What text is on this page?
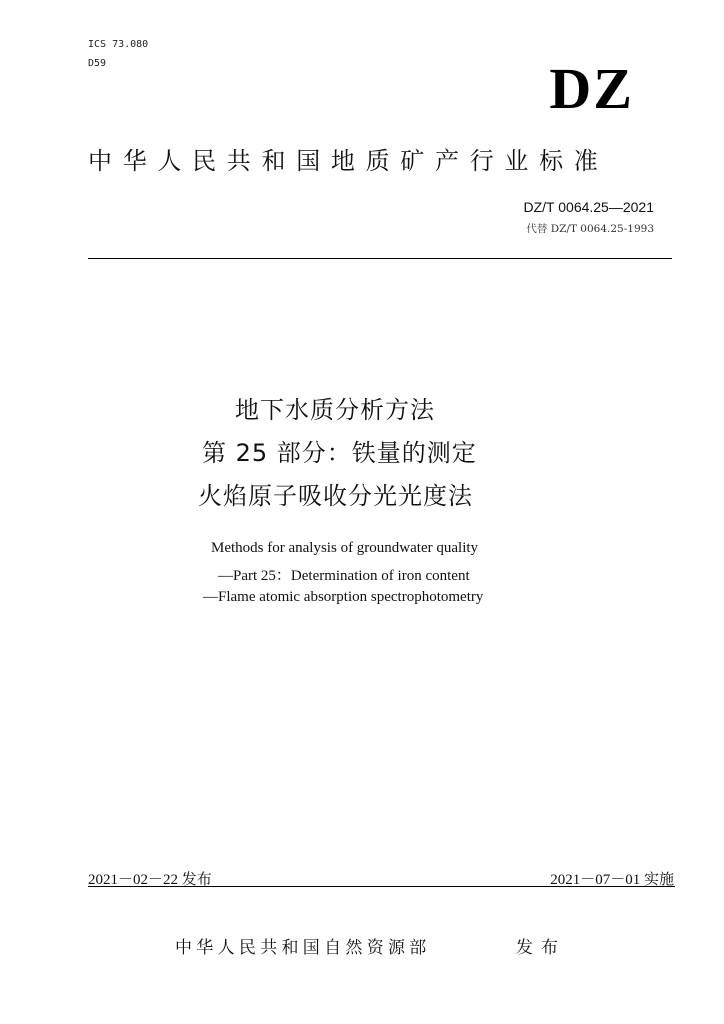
ICS 73.080
D59	DZ
中华人民共和国地质矿产行业标准
DZ/T 0064.25—2021
代替 DZ/T 0064.25-1993
地下水质分析方法
第 25 部分：铁量的测定
火焰原子吸收分光光度法
Methods for analysis of groundwater quality
—Part 25：Determination of iron content
—Flame atomic absorption spectrophotometry
2021－02－22 发布	2021－07－01 实施
中华人民共和国自然资源部	发布
